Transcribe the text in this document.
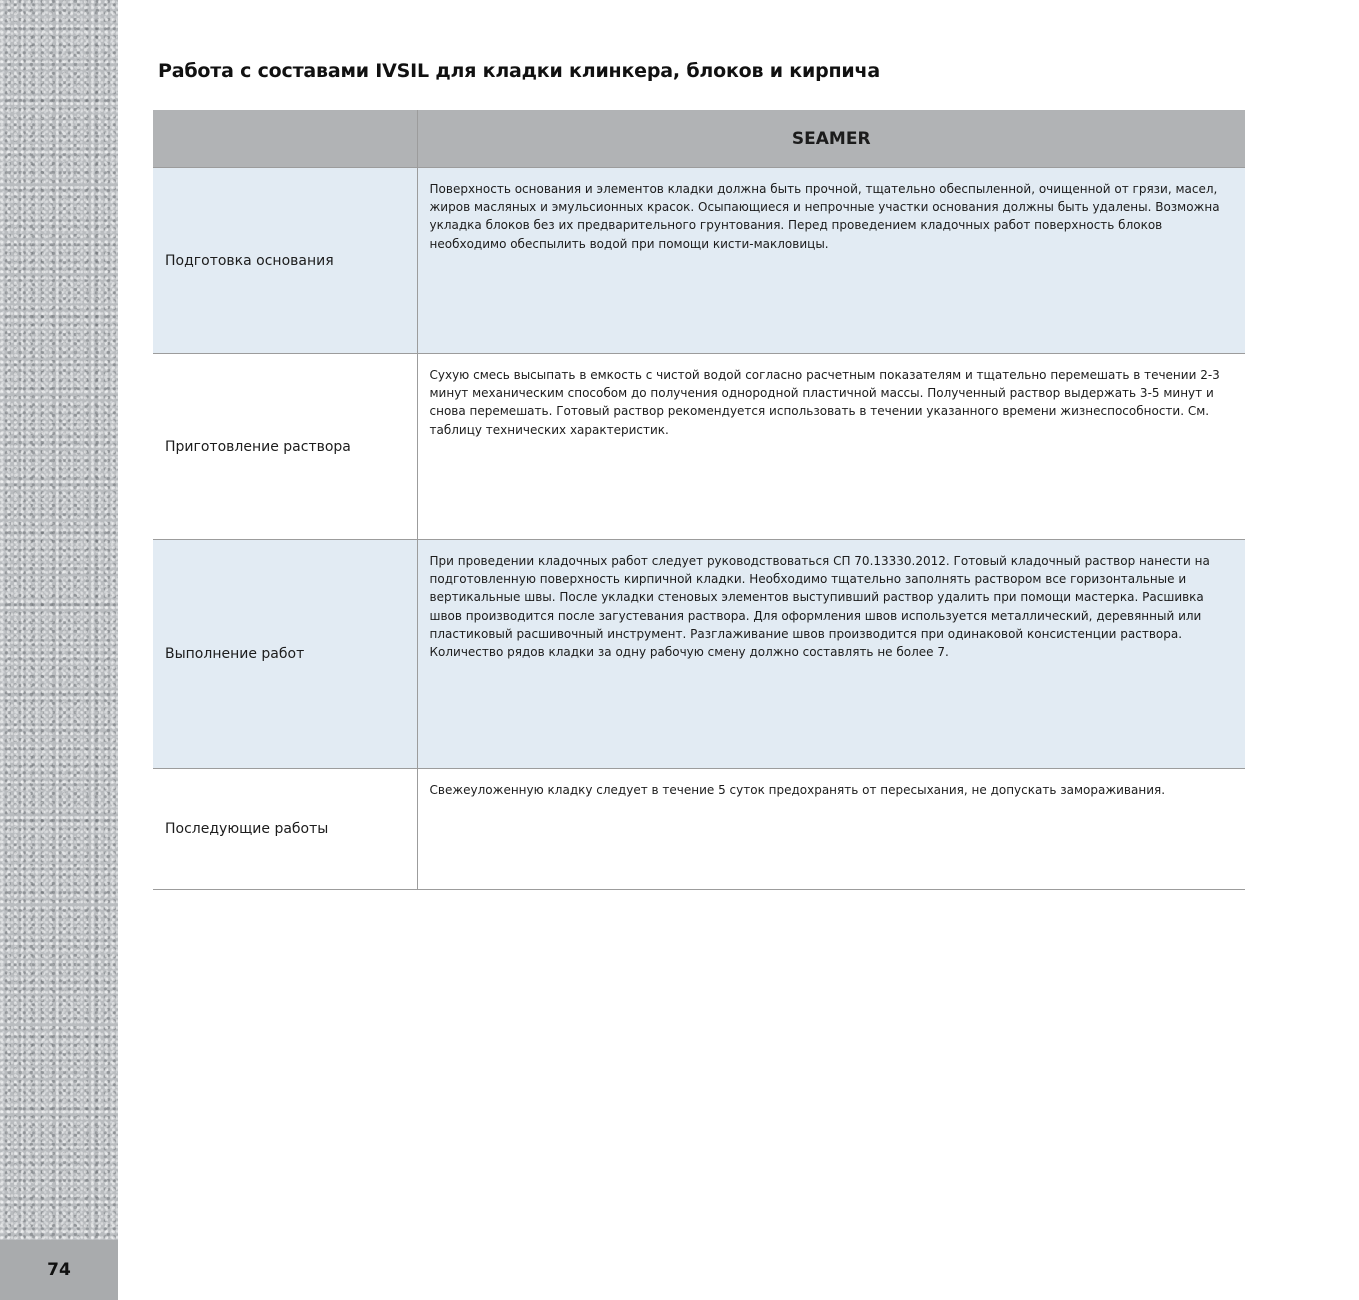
74
Работа с составами IVSIL для кладки клинкера, блоков и кирпича
	SEAMER
Подготовка основания	Поверхность основания и элементов кладки должна быть прочной, тщательно обеспыленной, очищенной от грязи, масел, жиров масляных и эмульсионных красок. Осыпающиеся и непрочные участки основания должны быть удалены. Возможна укладка блоков без их предварительного грунтования. Перед проведением кладочных работ поверхность блоков необходимо обеспылить водой при помощи кисти-макловицы.
Приготовление раствора	Сухую смесь высыпать в емкость с чистой водой согласно расчетным показателям и тщательно перемешать в течении 2-3 минут механическим способом до получения однородной пластичной массы. Полученный раствор выдержать 3-5 минут и снова перемешать. Готовый раствор рекомендуется использовать в течении указанного времени жизнеспособности. См. таблицу технических характеристик.
Выполнение работ	При проведении кладочных работ следует руководствоваться СП 70.13330.2012. Готовый кладочный раствор нанести на подготовленную поверхность кирпичной кладки. Необходимо тщательно заполнять раствором все горизонтальные и вертикальные швы. После укладки стеновых элементов выступивший раствор удалить при помощи мастерка. Расшивка швов производится после загустевания раствора. Для оформления швов используется металлический, деревянный или пластиковый расшивочный инструмент. Разглаживание швов производится при одинаковой консистенции раствора. Количество рядов кладки за одну рабочую смену должно составлять не более 7.
Последующие работы	Свежеуложенную кладку следует в течение 5 суток предохранять от пересыхания, не допускать замораживания.
